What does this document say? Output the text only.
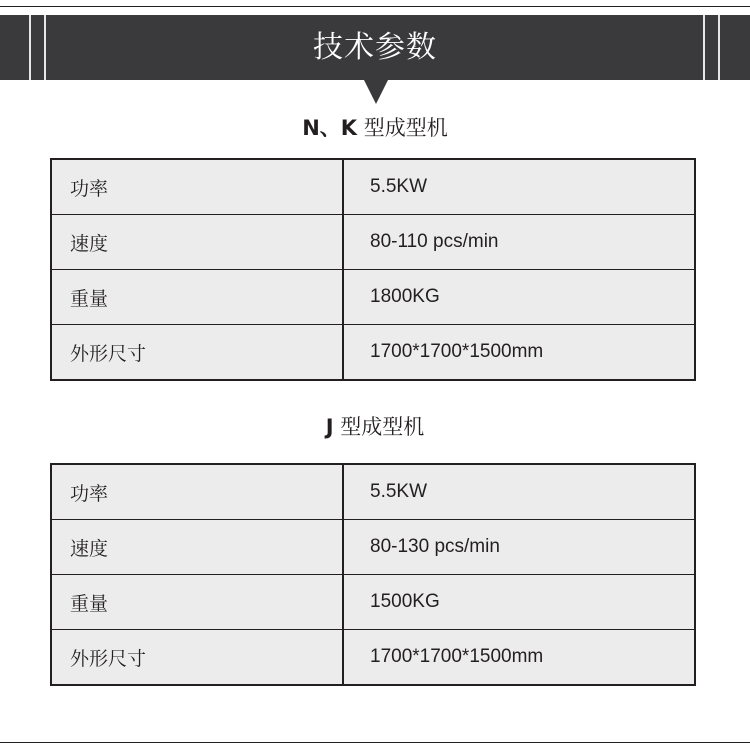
技术参数
N、K 型成型机
功率	5.5KW
速度	80-110 pcs/min
重量	1800KG
外形尺寸	1700*1700*1500mm
J 型成型机
功率	5.5KW
速度	80-130 pcs/min
重量	1500KG
外形尺寸	1700*1700*1500mm
